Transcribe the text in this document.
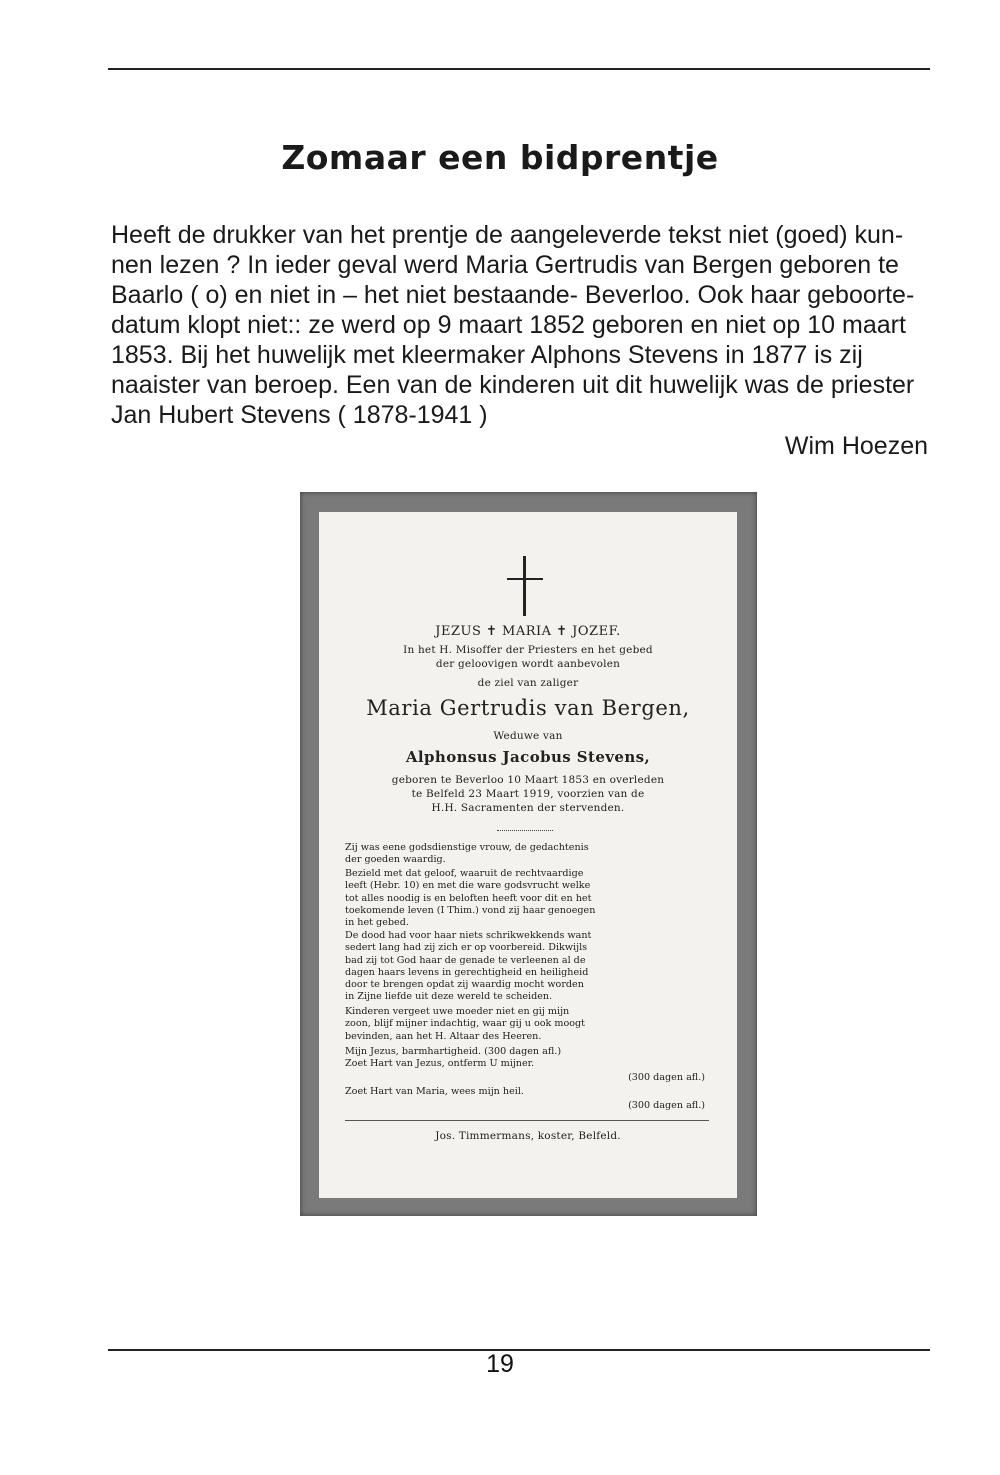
Zomaar een bidprentje
Heeft de drukker van het prentje de aangeleverde tekst niet (goed) kun-
nen lezen ? In ieder geval werd Maria Gertrudis van Bergen geboren te
Baarlo ( o) en niet in – het niet bestaande- Beverloo. Ook haar geboorte-
datum klopt niet:: ze werd op 9 maart 1852 geboren en niet op 10 maart
1853. Bij het huwelijk met kleermaker Alphons Stevens in 1877 is zij
naaister van beroep. Een van de kinderen uit dit huwelijk was de priester
Jan Hubert Stevens ( 1878-1941 )
Wim Hoezen
JEZUS ✝ MARIA ✝ JOZEF.
In het H. Misoffer der Priesters en het gebed
der geloovigen wordt aanbevolen
de ziel van zaliger
Maria Gertrudis van Bergen,
Weduwe van
Alphonsus Jacobus Stevens,
geboren te Beverloo 10 Maart 1853 en overleden
te Belfeld 23 Maart 1919, voorzien van de
H.H. Sacramenten der stervenden.
Zij was eene godsdienstige vrouw, de gedachtenis
der goeden waardig.
Bezield met dat geloof, waaruit de rechtvaardige
leeft (Hebr. 10) en met die ware godsvrucht welke
tot alles noodig is en beloften heeft voor dit en het
toekomende leven (I Thim.) vond zij haar genoegen
in het gebed.
De dood had voor haar niets schrikwekkends want
sedert lang had zij zich er op voorbereid. Dikwijls
bad zij tot God haar de genade te verleenen al de
dagen haars levens in gerechtigheid en heiligheid
door te brengen opdat zij waardig mocht worden
in Zijne liefde uit deze wereld te scheiden.
Kinderen vergeet uwe moeder niet en gij mijn
zoon, blijf mijner indachtig, waar gij u ook moogt
bevinden, aan het H. Altaar des Heeren.
Mijn Jezus, barmhartigheid. (300 dagen afl.)
Zoet Hart van Jezus, ontferm U mijner.
(300 dagen afl.)
Zoet Hart van Maria, wees mijn heil.
(300 dagen afl.)
Jos. Timmermans, koster, Belfeld.
19
